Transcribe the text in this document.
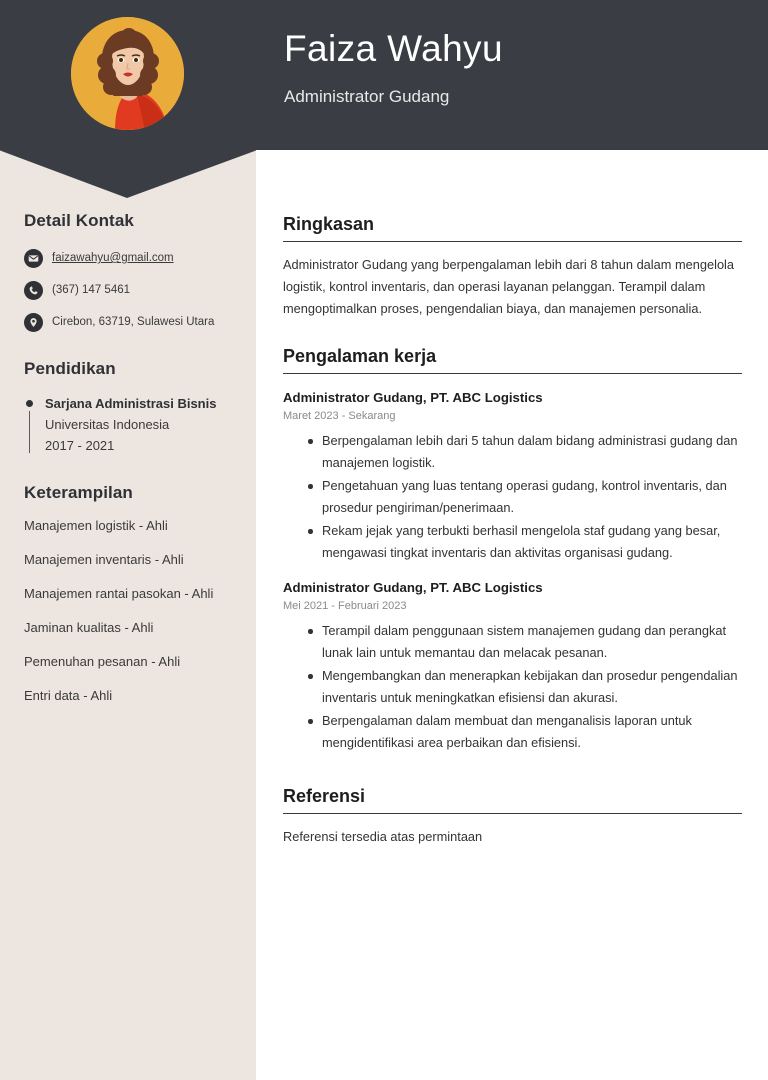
Faiza Wahyu
Administrator Gudang
Detail Kontak
faizawahyu@gmail.com
(367) 147 5461
Cirebon, 63719, Sulawesi Utara
Pendidikan
Sarjana Administrasi Bisnis
Universitas Indonesia
2017 - 2021
Keterampilan
Manajemen logistik - Ahli
Manajemen inventaris - Ahli
Manajemen rantai pasokan - Ahli
Jaminan kualitas - Ahli
Pemenuhan pesanan - Ahli
Entri data - Ahli
Ringkasan
Administrator Gudang yang berpengalaman lebih dari 8 tahun dalam mengelola logistik, kontrol inventaris, dan operasi layanan pelanggan. Terampil dalam mengoptimalkan proses, pengendalian biaya, dan manajemen personalia.
Pengalaman kerja
Administrator Gudang, PT. ABC Logistics
Maret 2023 - Sekarang
Berpengalaman lebih dari 5 tahun dalam bidang administrasi gudang dan manajemen logistik.
Pengetahuan yang luas tentang operasi gudang, kontrol inventaris, dan prosedur pengiriman/penerimaan.
Rekam jejak yang terbukti berhasil mengelola staf gudang yang besar, mengawasi tingkat inventaris dan aktivitas organisasi gudang.
Administrator Gudang, PT. ABC Logistics
Mei 2021 - Februari 2023
Terampil dalam penggunaan sistem manajemen gudang dan perangkat lunak lain untuk memantau dan melacak pesanan.
Mengembangkan dan menerapkan kebijakan dan prosedur pengendalian inventaris untuk meningkatkan efisiensi dan akurasi.
Berpengalaman dalam membuat dan menganalisis laporan untuk mengidentifikasi area perbaikan dan efisiensi.
Referensi
Referensi tersedia atas permintaan
